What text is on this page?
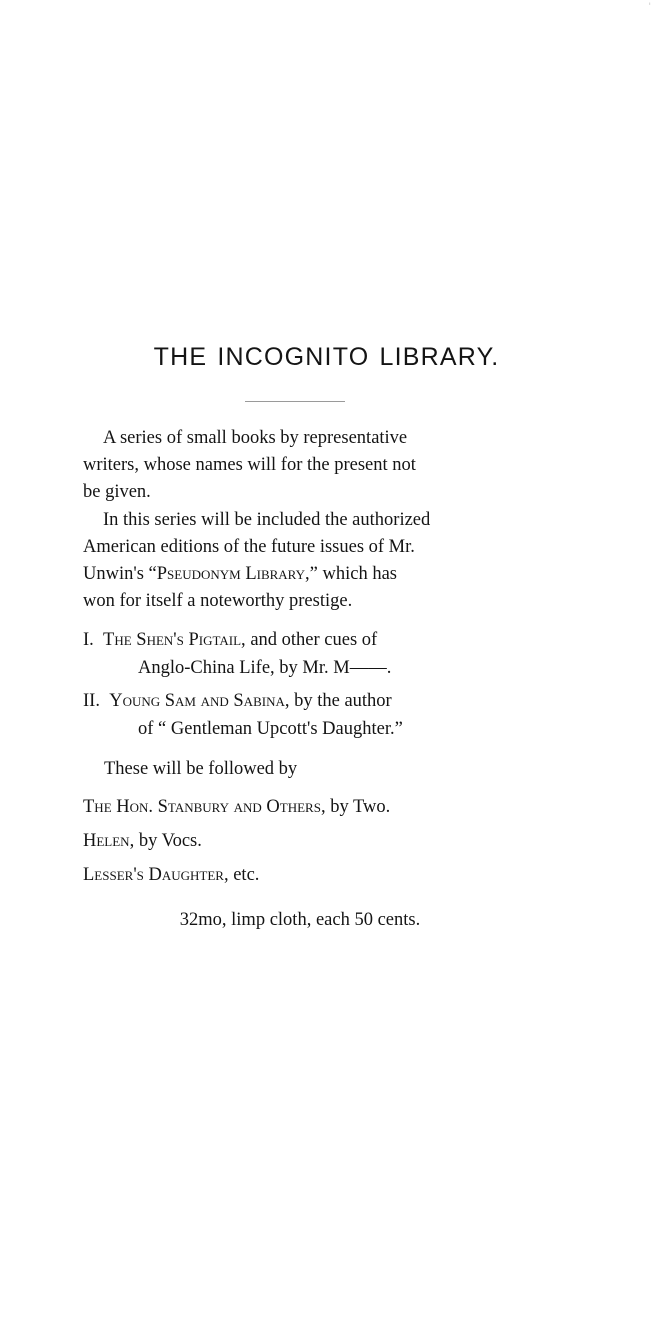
'
THE INCOGNITO LIBRARY.
A series of small books by representative
writers, whose names will for the present not
be given.
In this series will be included the authorized
American editions of the future issues of Mr.
Unwin's “Pseudonym Library,” which has
won for itself a noteworthy prestige.
I. The Shen's Pigtail, and other cues of
Anglo-China Life, by Mr. M——.
II. Young Sam and Sabina, by the author
of “ Gentleman Upcott's Daughter.”
These will be followed by
The Hon. Stanbury and Others, by Two.
Helen, by Vocs.
Lesser's Daughter, etc.
32mo, limp cloth, each 50 cents.
